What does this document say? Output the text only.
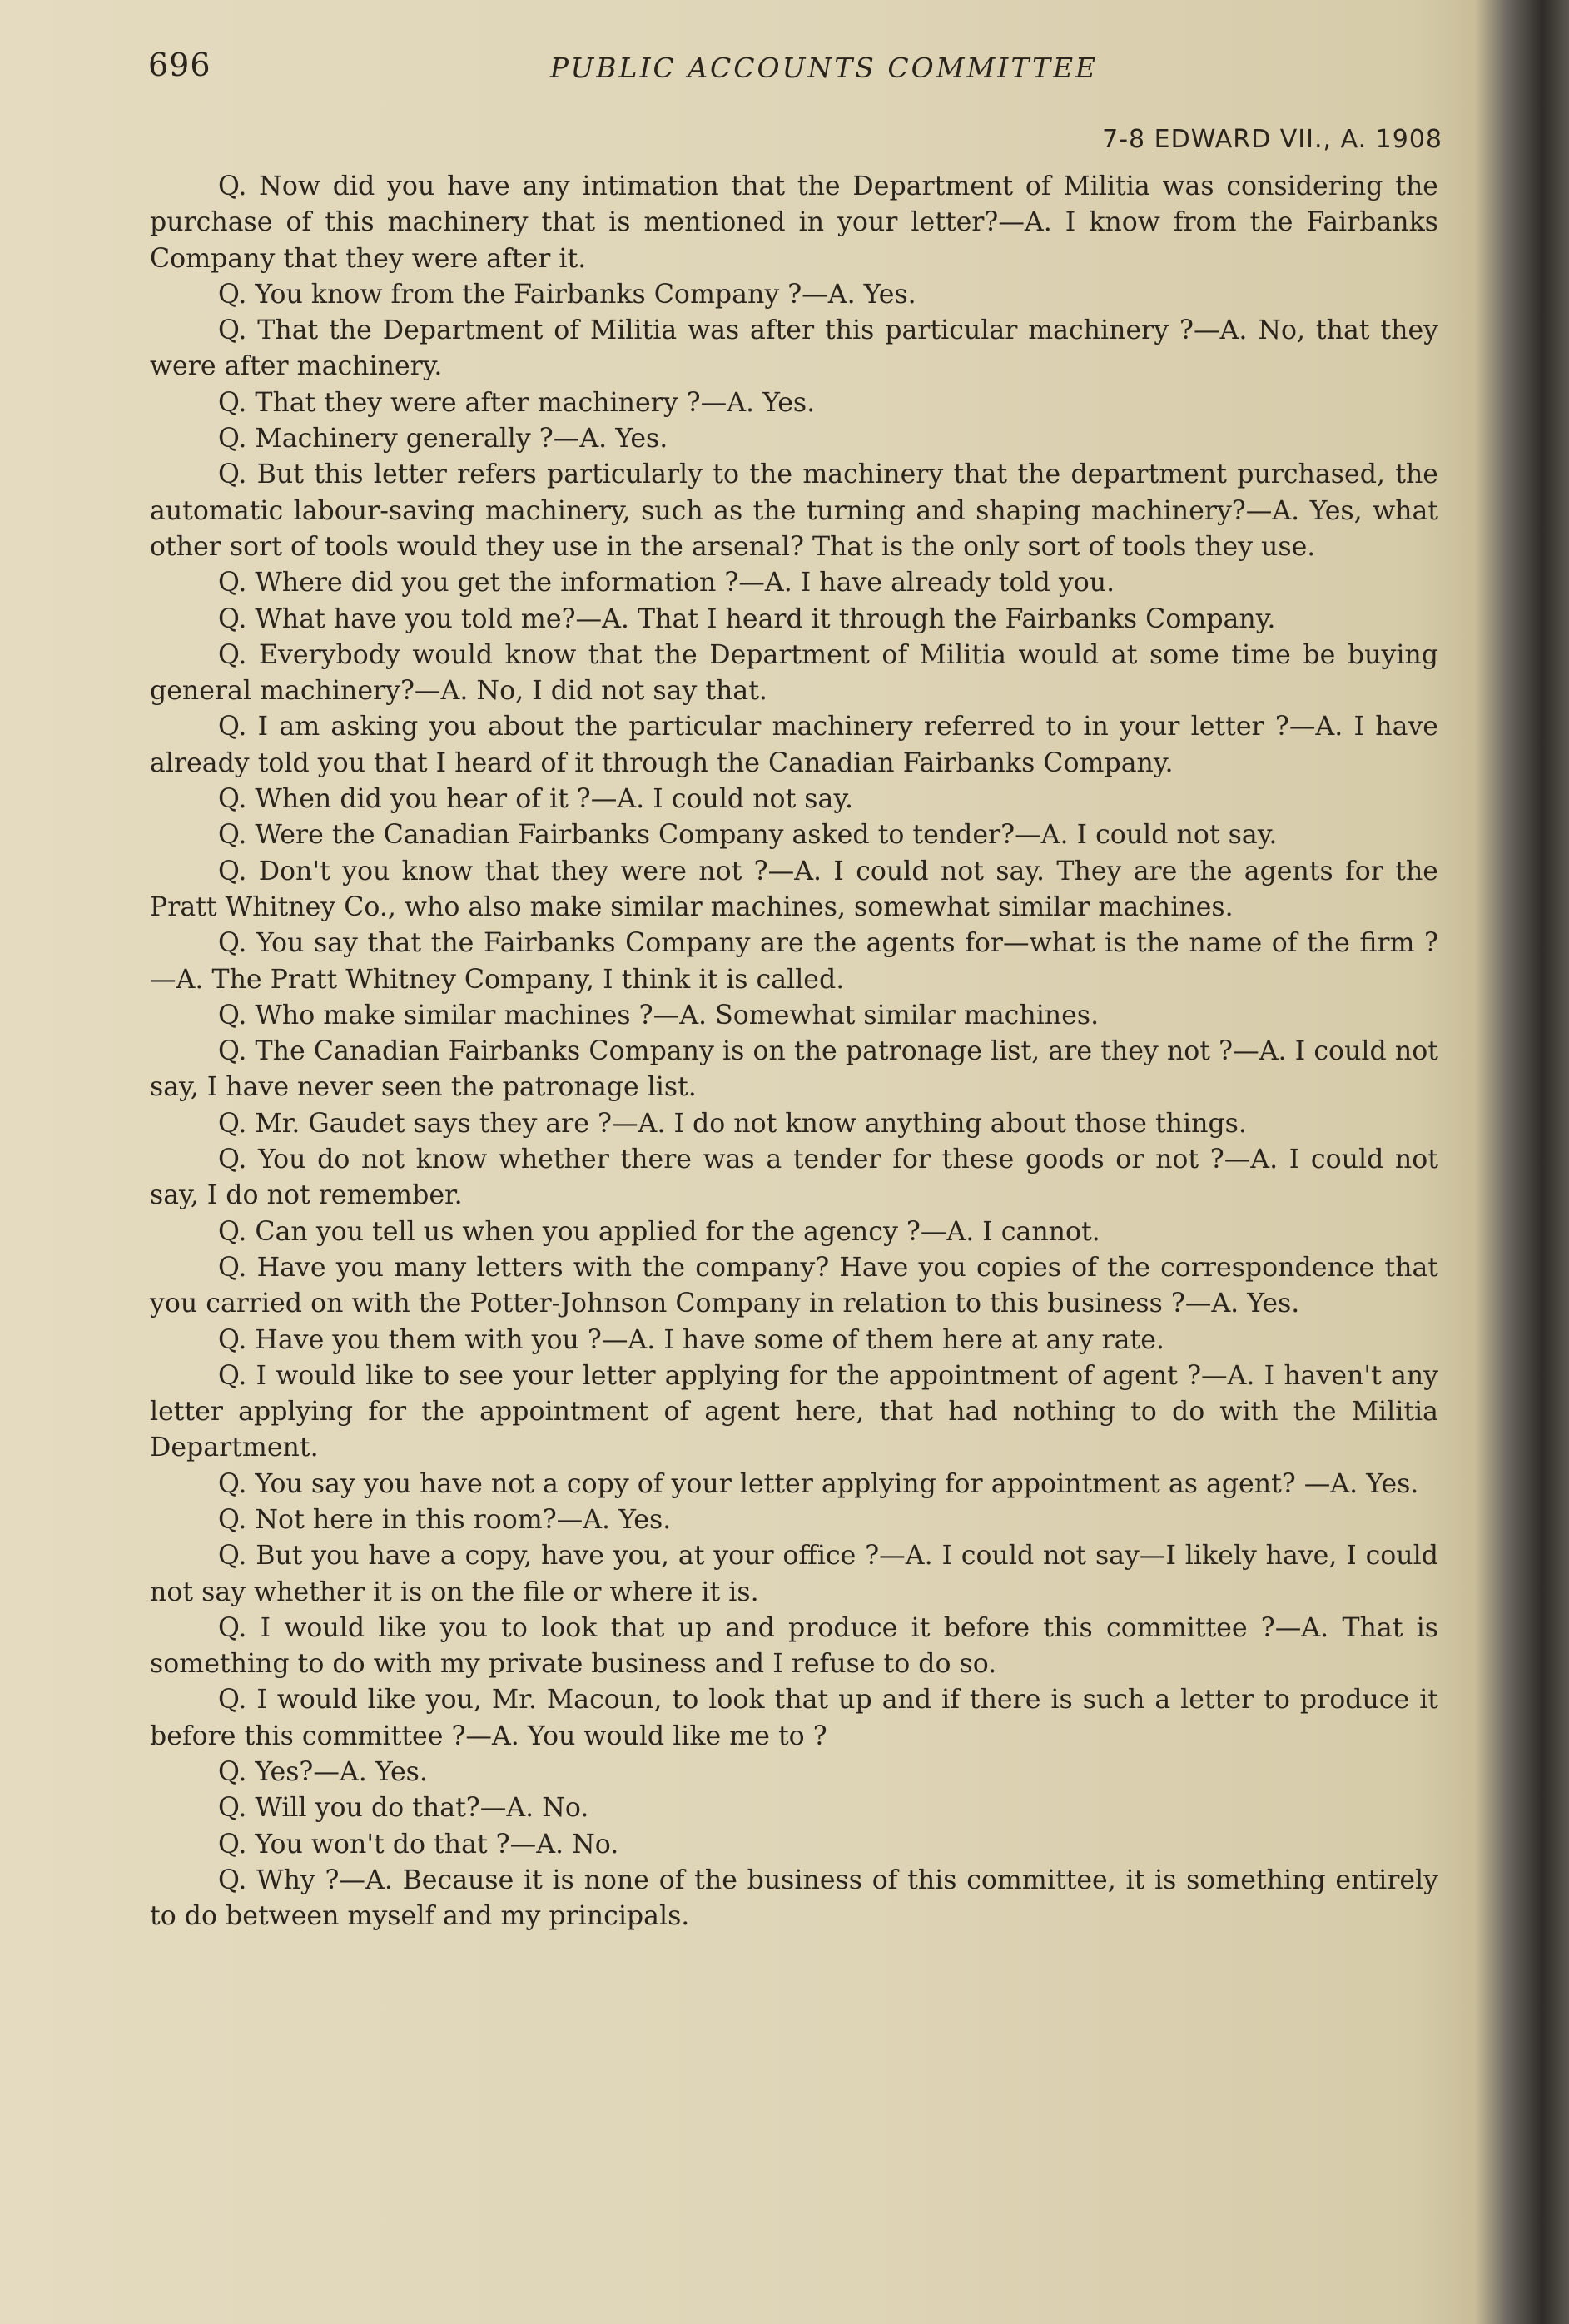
696	PUBLIC ACCOUNTS COMMITTEE
7-8 EDWARD VII., A. 1908

Q. Now did you have any intimation that the Department of Militia was considering the purchase of this machinery that is mentioned in your letter?—A. I know from the Fairbanks Company that they were after it.

Q. You know from the Fairbanks Company ?—A. Yes.

Q. That the Department of Militia was after this particular machinery ?—A. No, that they were after machinery.

Q. That they were after machinery ?—A. Yes.

Q. Machinery generally ?—A. Yes.

Q. But this letter refers particularly to the machinery that the department purchased, the automatic labour-saving machinery, such as the turning and shaping machinery?—A. Yes, what other sort of tools would they use in the arsenal? That is the only sort of tools they use.

Q. Where did you get the information ?—A. I have already told you.

Q. What have you told me?—A. That I heard it through the Fairbanks Company.

Q. Everybody would know that the Department of Militia would at some time be buying general machinery?—A. No, I did not say that.

Q. I am asking you about the particular machinery referred to in your letter ?—A. I have already told you that I heard of it through the Canadian Fairbanks Company.

Q. When did you hear of it ?—A. I could not say.

Q. Were the Canadian Fairbanks Company asked to tender?—A. I could not say.

Q. Don't you know that they were not ?—A. I could not say. They are the agents for the Pratt Whitney Co., who also make similar machines, somewhat similar machines.

Q. You say that the Fairbanks Company are the agents for—what is the name of the firm ?—A. The Pratt Whitney Company, I think it is called.

Q. Who make similar machines ?—A. Somewhat similar machines.

Q. The Canadian Fairbanks Company is on the patronage list, are they not ?—A. I could not say, I have never seen the patronage list.

Q. Mr. Gaudet says they are ?—A. I do not know anything about those things.

Q. You do not know whether there was a tender for these goods or not ?—A. I could not say, I do not remember.

Q. Can you tell us when you applied for the agency ?—A. I cannot.

Q. Have you many letters with the company? Have you copies of the correspondence that you carried on with the Potter-Johnson Company in relation to this business ?—A. Yes.

Q. Have you them with you ?—A. I have some of them here at any rate.

Q. I would like to see your letter applying for the appointment of agent ?—A. I haven't any letter applying for the appointment of agent here, that had nothing to do with the Militia Department.

Q. You say you have not a copy of your letter applying for appointment as agent? —A. Yes.

Q. Not here in this room?—A. Yes.

Q. But you have a copy, have you, at your office ?—A. I could not say—I likely have, I could not say whether it is on the file or where it is.

Q. I would like you to look that up and produce it before this committee ?—A. That is something to do with my private business and I refuse to do so.

Q. I would like you, Mr. Macoun, to look that up and if there is such a letter to produce it before this committee ?—A. You would like me to ?

Q. Yes?—A. Yes.

Q. Will you do that?—A. No.

Q. You won't do that ?—A. No.

Q. Why ?—A. Because it is none of the business of this committee, it is something entirely to do between myself and my principals.
